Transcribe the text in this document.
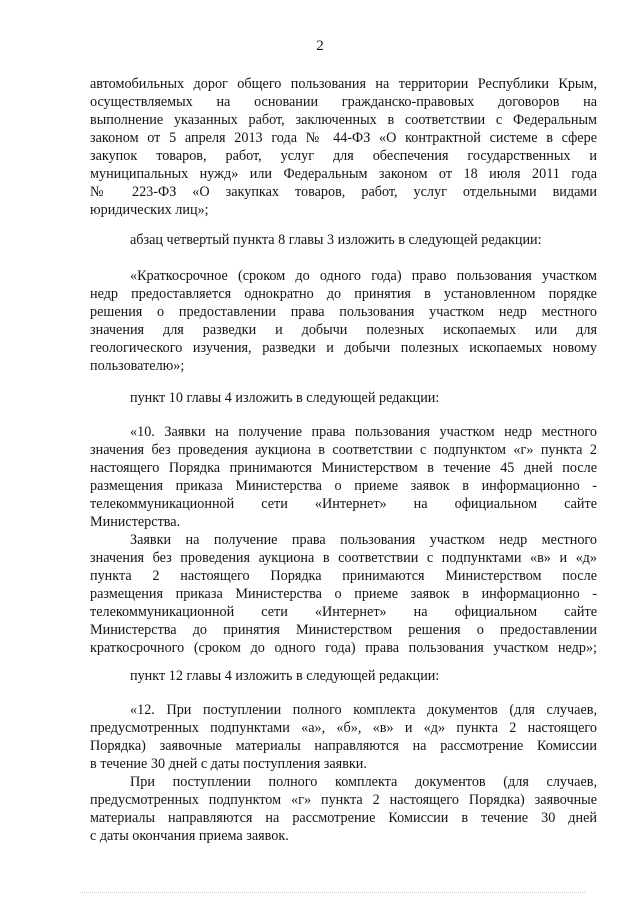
2
автомобильных дорог общего пользования на территории Республики Крым,
осуществляемых на основании гражданско-правовых договоров на
выполнение указанных работ, заключенных в соответствии с Федеральным
законом от 5 апреля 2013 года № 44-ФЗ «О контрактной системе в сфере
закупок товаров, работ, услуг для обеспечения государственных и
муниципальных нужд» или Федеральным законом от 18 июля 2011 года
№ 223-ФЗ «О закупках товаров, работ, услуг отдельными видами
юридических лиц»;
абзац четвертый пункта 8 главы 3 изложить в следующей редакции:
«Краткосрочное (сроком до одного года) право пользования участком
недр предоставляется однократно до принятия в установленном порядке
решения о предоставлении права пользования участком недр местного
значения для разведки и добычи полезных ископаемых или для
геологического изучения, разведки и добычи полезных ископаемых новому
пользователю»;
пункт 10 главы 4 изложить в следующей редакции:
«10. Заявки на получение права пользования участком недр местного
значения без проведения аукциона в соответствии с подпунктом «г» пункта 2
настоящего Порядка принимаются Министерством в течение 45 дней после
размещения приказа Министерства о приеме заявок в информационно -
телекоммуникационной сети «Интернет» на официальном сайте
Министерства.
Заявки на получение права пользования участком недр местного
значения без проведения аукциона в соответствии с подпунктами «в» и «д»
пункта 2 настоящего Порядка принимаются Министерством после
размещения приказа Министерства о приеме заявок в информационно -
телекоммуникационной сети «Интернет» на официальном сайте
Министерства до принятия Министерством решения о предоставлении
краткосрочного (сроком до одного года) права пользования участком недр»;
пункт 12 главы 4 изложить в следующей редакции:
«12. При поступлении полного комплекта документов (для случаев,
предусмотренных подпунктами «а», «б», «в» и «д» пункта 2 настоящего
Порядка) заявочные материалы направляются на рассмотрение Комиссии
в течение 30 дней с даты поступления заявки.
При поступлении полного комплекта документов (для случаев,
предусмотренных подпунктом «г» пункта 2 настоящего Порядка) заявочные
материалы направляются на рассмотрение Комиссии в течение 30 дней
с даты окончания приема заявок.
